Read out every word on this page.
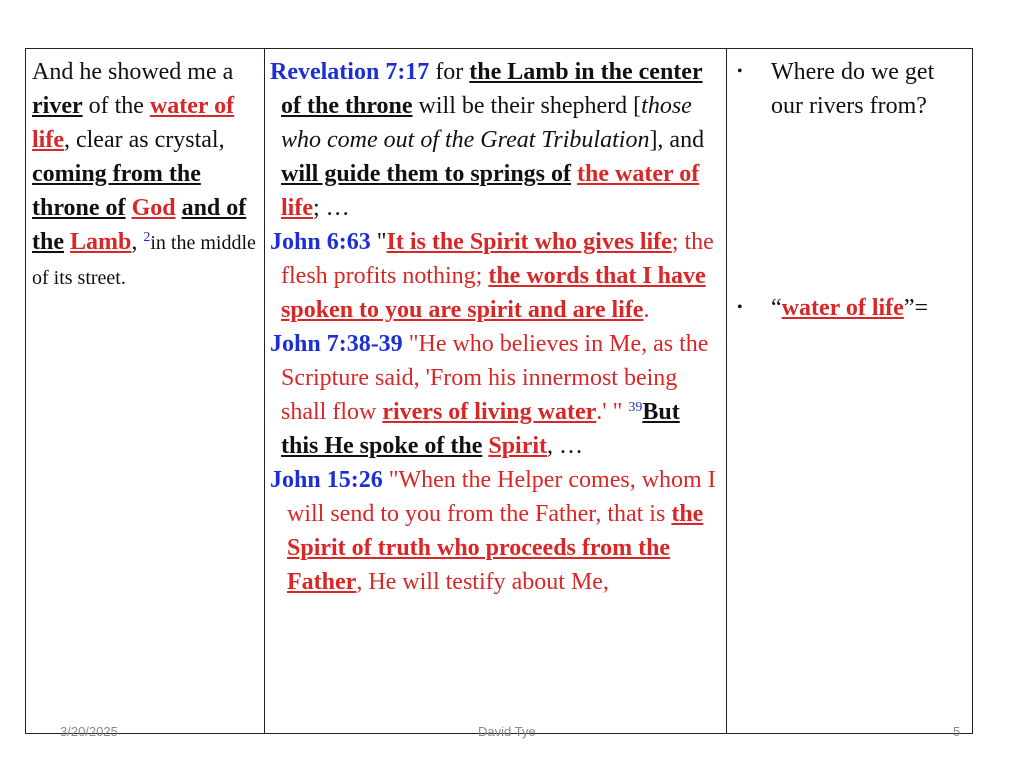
And he showed me a river of the water of life, clear as crystal, coming from the throne of God and of the Lamb, $^2$in the middle of its street.

Revelation 7:17 for the Lamb in the center of the throne will be their shepherd [those who come out of the Great Tribulation], and will guide them to springs of the water of life; …

John 6:63 "It is the Spirit who gives life; the flesh profits nothing; the words that I have spoken to you are spirit and are life.

John 7:38-39 "He who believes in Me, as the Scripture said, 'From his innermost being shall flow rivers of living water.' " $^{39}$But this He spoke of the Spirit, …

John 15:26 "When the Helper comes, whom I will send to you from the Father, that is the Spirit of truth who proceeds from the Father, He will testify about Me,

•	Where do we get our rivers from?
•	“water of life”=
3/20/2025	David Tye	5
